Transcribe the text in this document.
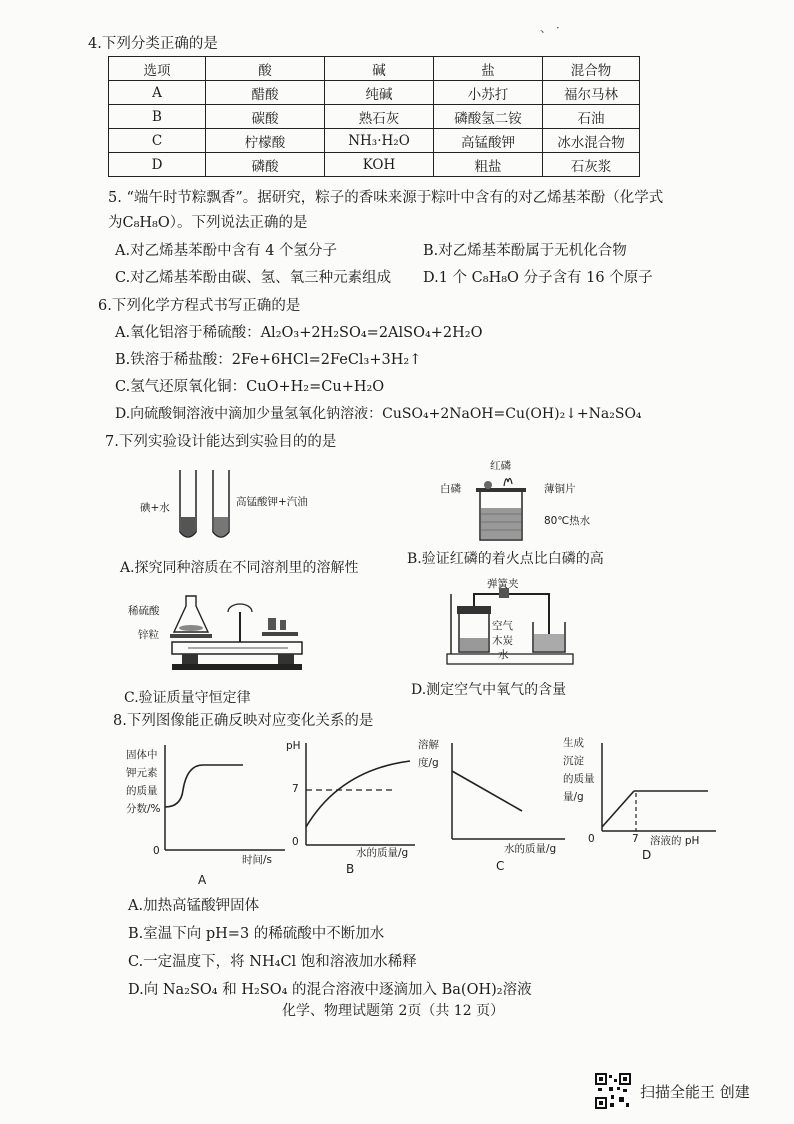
、 ·
4.下列分类正确的是
选项	酸	碱	盐	混合物
A	醋酸	纯碱	小苏打	福尔马林
B	碳酸	熟石灰	磷酸氢二铵	石油
C	柠檬酸	NH₃·H₂O	高锰酸钾	冰水混合物
D	磷酸	KOH	粗盐	石灰浆
5. “端午时节粽飘香”。据研究，粽子的香味来源于粽叶中含有的对乙烯基苯酚（化学式
为C₈H₈O）。下列说法正确的是
A.对乙烯基苯酚中含有 4 个氢分子	B.对乙烯基苯酚属于无机化合物
C.对乙烯基苯酚由碳、氢、氧三种元素组成 D.1 个 C₈H₈O 分子含有 16 个原子
6.下列化学方程式书写正确的是
A.氧化铝溶于稀硫酸：Al₂O₃+2H₂SO₄=2AlSO₄+2H₂O
B.铁溶于稀盐酸：2Fe+6HCl=2FeCl₃+3H₂↑
C.氢气还原氧化铜：CuO+H₂=Cu+H₂O
D.向硫酸铜溶液中滴加少量氢氧化钠溶液：CuSO₄+2NaOH=Cu(OH)₂↓+Na₂SO₄
7.下列实验设计能达到实验目的的是
碘+水	高锰酸钾+汽油
A.探究同种溶质在不同溶剂里的溶解性
红磷
白磷	薄铜片
80℃热水
B.验证红磷的着火点比白磷的高
稀硫酸
锌粒
C.验证质量守恒定律
弹簧夹
空气
木炭
水
D.测定空气中氧气的含量
8.下列图像能正确反映对应变化关系的是
固体中
钾元素
的质量
分数/%
0
时间/s
A
pH
7
0
水的质量/g
B
溶解
度/g
水的质量/g
C
生成
沉淀
的质量
量/g
0	7 溶液的 pH
D
A.加热高锰酸钾固体
B.室温下向 pH=3 的稀硫酸中不断加水
C.一定温度下，将 NH₄Cl 饱和溶液加水稀释
D.向 Na₂SO₄ 和 H₂SO₄ 的混合溶液中逐滴加入 Ba(OH)₂溶液
化学、物理试题第 2页（共 12 页）
扫描全能王 创建
